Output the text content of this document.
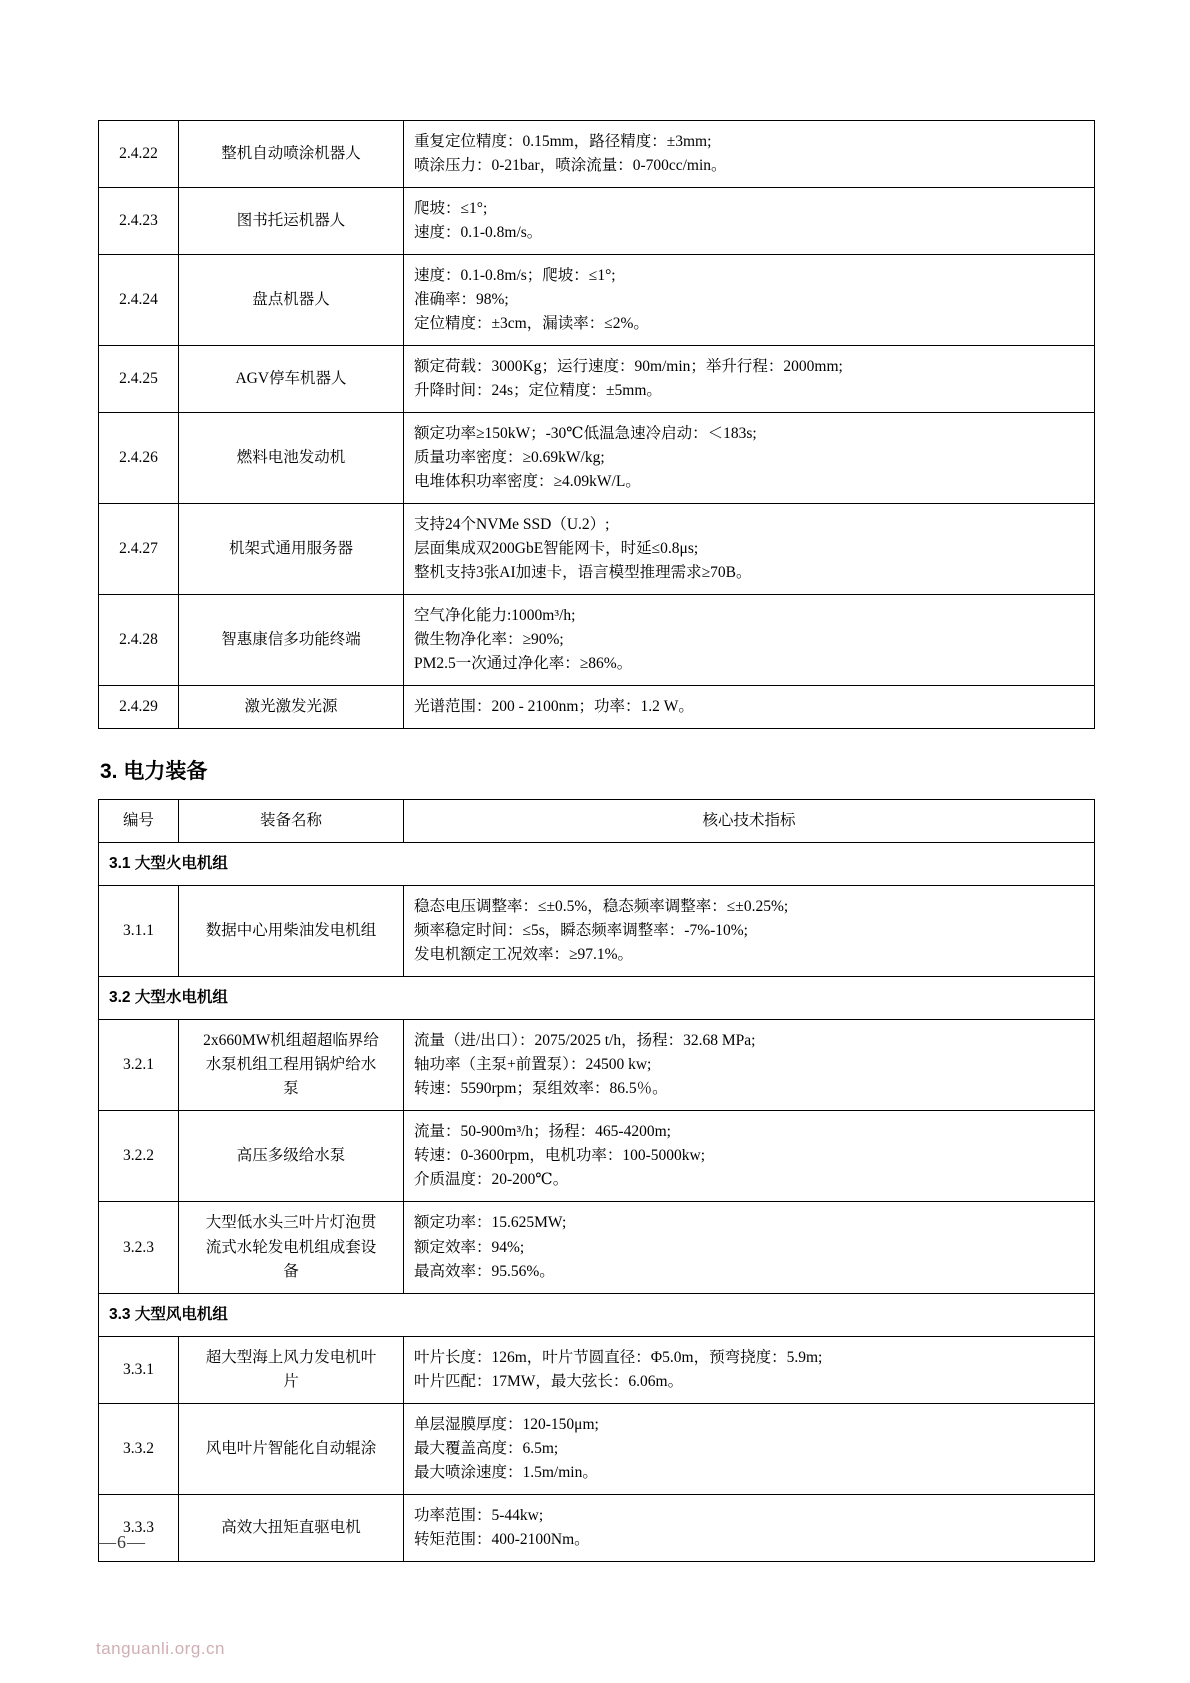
2.4.22	整机自动喷涂机器人	重复定位精度：0.15mm，路径精度：±3mm;
喷涂压力：0-21bar，喷涂流量：0-700cc/min。

2.4.23	图书托运机器人	爬坡：≤1°;
速度：0.1-0.8m/s。

2.4.24	盘点机器人	速度：0.1-0.8m/s；爬坡：≤1°;
准确率：98%;
定位精度：±3cm，漏读率：≤2%。

2.4.25	AGV停车机器人	额定荷载：3000Kg；运行速度：90m/min；举升行程：2000mm;
升降时间：24s；定位精度：±5mm。

2.4.26	燃料电池发动机	额定功率≥150kW；-30℃低温急速冷启动：＜183s;
质量功率密度：≥0.69kW/kg;
电堆体积功率密度：≥4.09kW/L。

2.4.27	机架式通用服务器	支持24个NVMe SSD（U.2）;
层面集成双200GbE智能网卡，时延≤0.8μs;
整机支持3张AI加速卡，语言模型推理需求≥70B。

2.4.28	智惠康信多功能终端	空气净化能力:1000m³/h;
微生物净化率：≥90%;
PM2.5一次通过净化率：≥86%。

2.4.29	激光激发光源	光谱范围：200 - 2100nm；功率：1.2 W。
3. 电力装备
编号	装备名称	核心技术指标
3.1 大型火电机组		
3.1.1	数据中心用柴油发电机组	稳态电压调整率：≤±0.5%，稳态频率调整率：≤±0.25%;
频率稳定时间：≤5s，瞬态频率调整率：-7%-10%;
发电机额定工况效率：≥97.1%。

3.2 大型水电机组		
3.2.1	2x660MW机组超超临界给
水泵机组工程用锅炉给水
泵	流量（进/出口）：2075/2025 t/h，扬程：32.68 MPa;
轴功率（主泵+前置泵）：24500 kw;
转速：5590rpm；泵组效率：86.5％。

3.2.2	高压多级给水泵	流量：50-900m³/h；扬程：465-4200m;
转速：0-3600rpm，电机功率：100-5000kw;
介质温度：20-200℃。

3.2.3	大型低水头三叶片灯泡贯
流式水轮发电机组成套设
备	额定功率：15.625MW;
额定效率：94%;
最高效率：95.56%。

3.3 大型风电机组		
3.3.1	超大型海上风力发电机叶
片	叶片长度：126m，叶片节圆直径：Φ5.0m，预弯挠度：5.9m;
叶片匹配：17MW，最大弦长：6.06m。

3.3.2	风电叶片智能化自动辊涂	单层湿膜厚度：120-150μm;
最大覆盖高度：6.5m;
最大喷涂速度：1.5m/min。

3.3.3	高效大扭矩直驱电机	功率范围：5-44kw;
转矩范围：400-2100Nm。
—6—
tanguanli.org.cn
